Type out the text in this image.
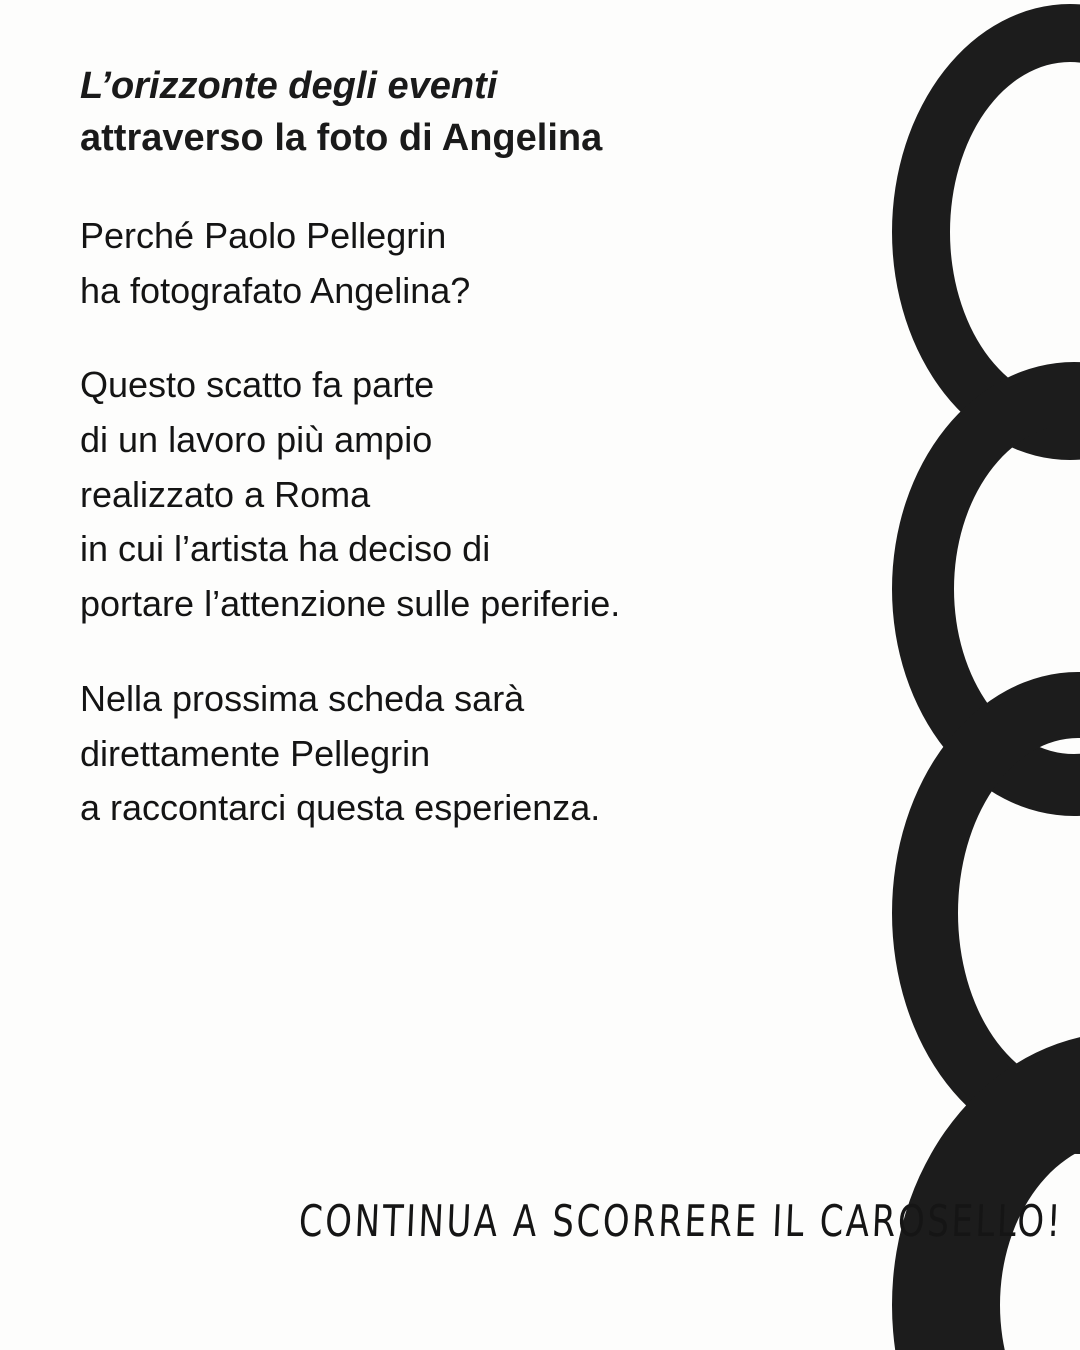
L’orizzonte degli eventi
attraverso la foto di Angelina

Perché Paolo Pellegrin
ha fotografato Angelina?

Questo scatto fa parte
di un lavoro più ampio
realizzato a Roma
in cui l’artista ha deciso di
portare l’attenzione sulle periferie.

Nella prossima scheda sarà
direttamente Pellegrin
a raccontarci questa esperienza.

CONTINUA A SCORRERE IL CAROSELLO!
